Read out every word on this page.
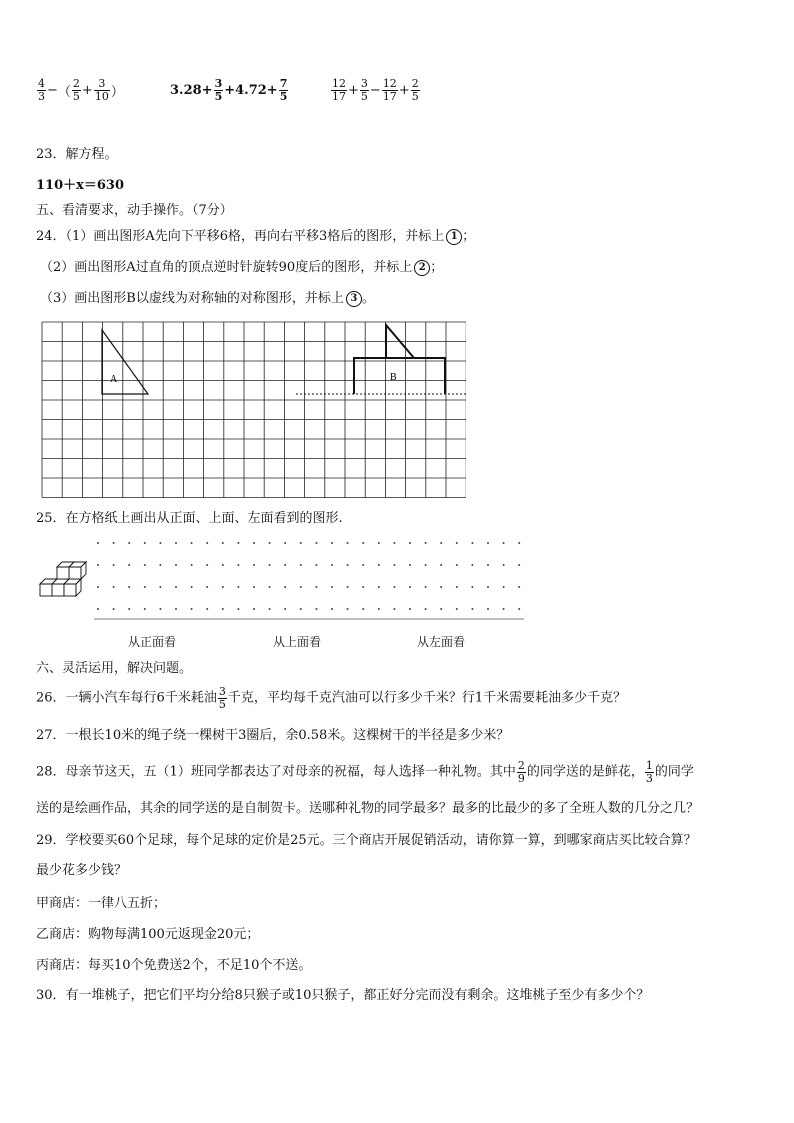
$\frac{4}{3}$ −（ $\frac{2}{5} + \frac{3}{10}$ ）	$3.28+ \frac{3}{5} +4.72+ \frac{7}{5}$	$\frac{12}{17} + \frac{3}{5} - \frac{12}{17} + \frac{2}{5}$
23．解方程。
110＋x＝630
五、看清要求，动手操作。（7分）
24．（1）画出图形A先向下平移6格，再向右平移3格后的图形，并标上 1 ；
（2）画出图形A过直角的顶点逆时针旋转90度后的图形，并标上 2 ；
（3）画出图形B以虚线为对称轴的对称图形，并标上 3 。
A	B
25．在方格纸上画出从正面、上面、左面看到的图形.
从正面看	从上面看	从左面看
六、灵活运用，解决问题。
26．一辆小汽车每行6千米耗油 $\frac{3}{5}$ 千克，平均每千克汽油可以行多少千米？行1千米需要耗油多少千克？
27．一根长10米的绳子绕一棵树干3圈后，余0.58米。这棵树干的半径是多少米？
28．母亲节这天，五（1）班同学都表达了对母亲的祝福，每人选择一种礼物。其中 $\frac{2}{9}$ 的同学送的是鲜花， $\frac{1}{3}$ 的同学
送的是绘画作品，其余的同学送的是自制贺卡。送哪种礼物的同学最多？最多的比最少的多了全班人数的几分之几？
29．学校要买60个足球，每个足球的定价是25元。三个商店开展促销活动，请你算一算，到哪家商店买比较合算？
最少花多少钱？
甲商店：一律八五折；
乙商店：购物每满100元返现金20元；
丙商店：每买10个免费送2个，不足10个不送。
30．有一堆桃子，把它们平均分给8只猴子或10只猴子，都正好分完而没有剩余。这堆桃子至少有多少个？
